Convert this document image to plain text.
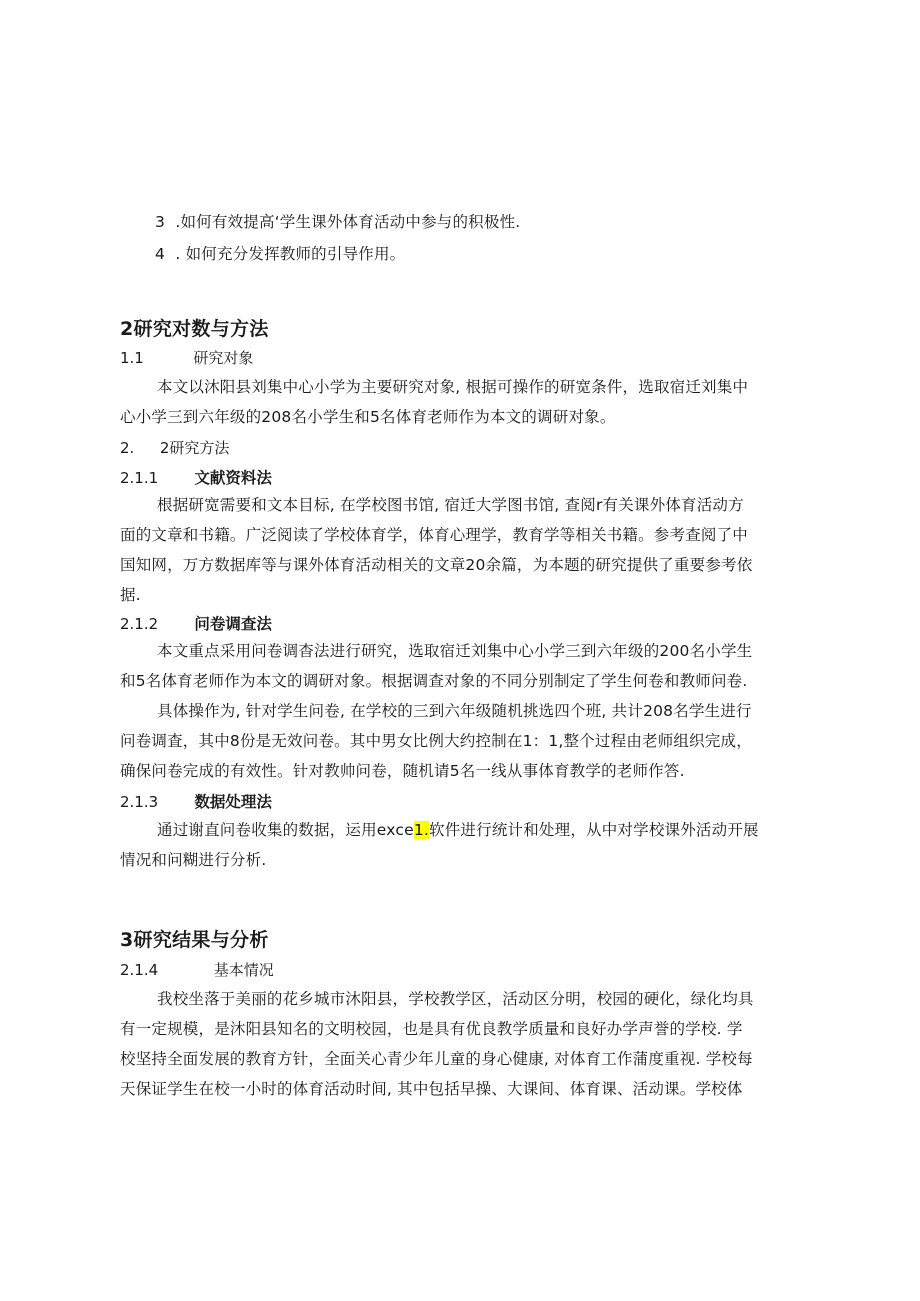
3 .如何有效提高‘学生课外体育活动中参与的积极性.
4 . 如何充分发挥教师的引导作用。
2研究对数与方法
1.1	研究对象
本文以沐阳县刘集中心小学为主要研究对象, 根据可操作的研宽条件，选取宿迁刘集中
心小学三到六年级的208名小学生和5名体育老师作为本文的调研对象。
2. 2研究方法
2.1.1 文献资料法
根据研宽需要和文本目标, 在学校图书馆, 宿迁大学图书馆, 查阅r有关课外体育活动方
面的文章和书籍。广泛阅读了学校体育学，体育心理学，教育学等相关书籍。参考查阅了中
国知网，万方数据库等与课外体育活动相关的文章20余篇，为本题的研究提供了重要参考依
据.
2.1.2 问卷调查法
本文重点采用问卷调杳法进行研究，选取宿迁刘集中心小学三到六年级的200名小学生
和5名体育老师作为本文的调研对象。根据调查对象的不同分别制定了学生何卷和教师问卷.
具体操作为, 针对学生问卷, 在学校的三到六年级随机挑选四个班, 共计208名学生进行
问卷调査，其中8份是无效问卷。其中男女比例大约控制在1：1,整个过程由老师组织完成，
确保问卷完成的有效性。针对教帅问卷，随机请5名一线从事体育教学的老师作答.
2.1.3 数据处理法
通过谢直问卷收集的数据，运用exce1.软件进行统计和处理，从中对学校课外活动开展
情况和问糊进行分析.
3研究结果与分析
2.1.4	基本情况
我校坐落于美丽的花乡城市沐阳县，学校教学区，活动区分明，校园的硬化，绿化均具
有一定规模，是沐阳县知名的文明校园，也是具有优良教学质量和良好办学声誉的学校. 学
校坚持全面发展的教育方针，全面关心青少年儿童的身心健康, 对体育工作蒲度重视. 学校每
天保证学生在校一小时的体育活动时间, 其中包括早操、大课间、体育课、活动课。学校体
